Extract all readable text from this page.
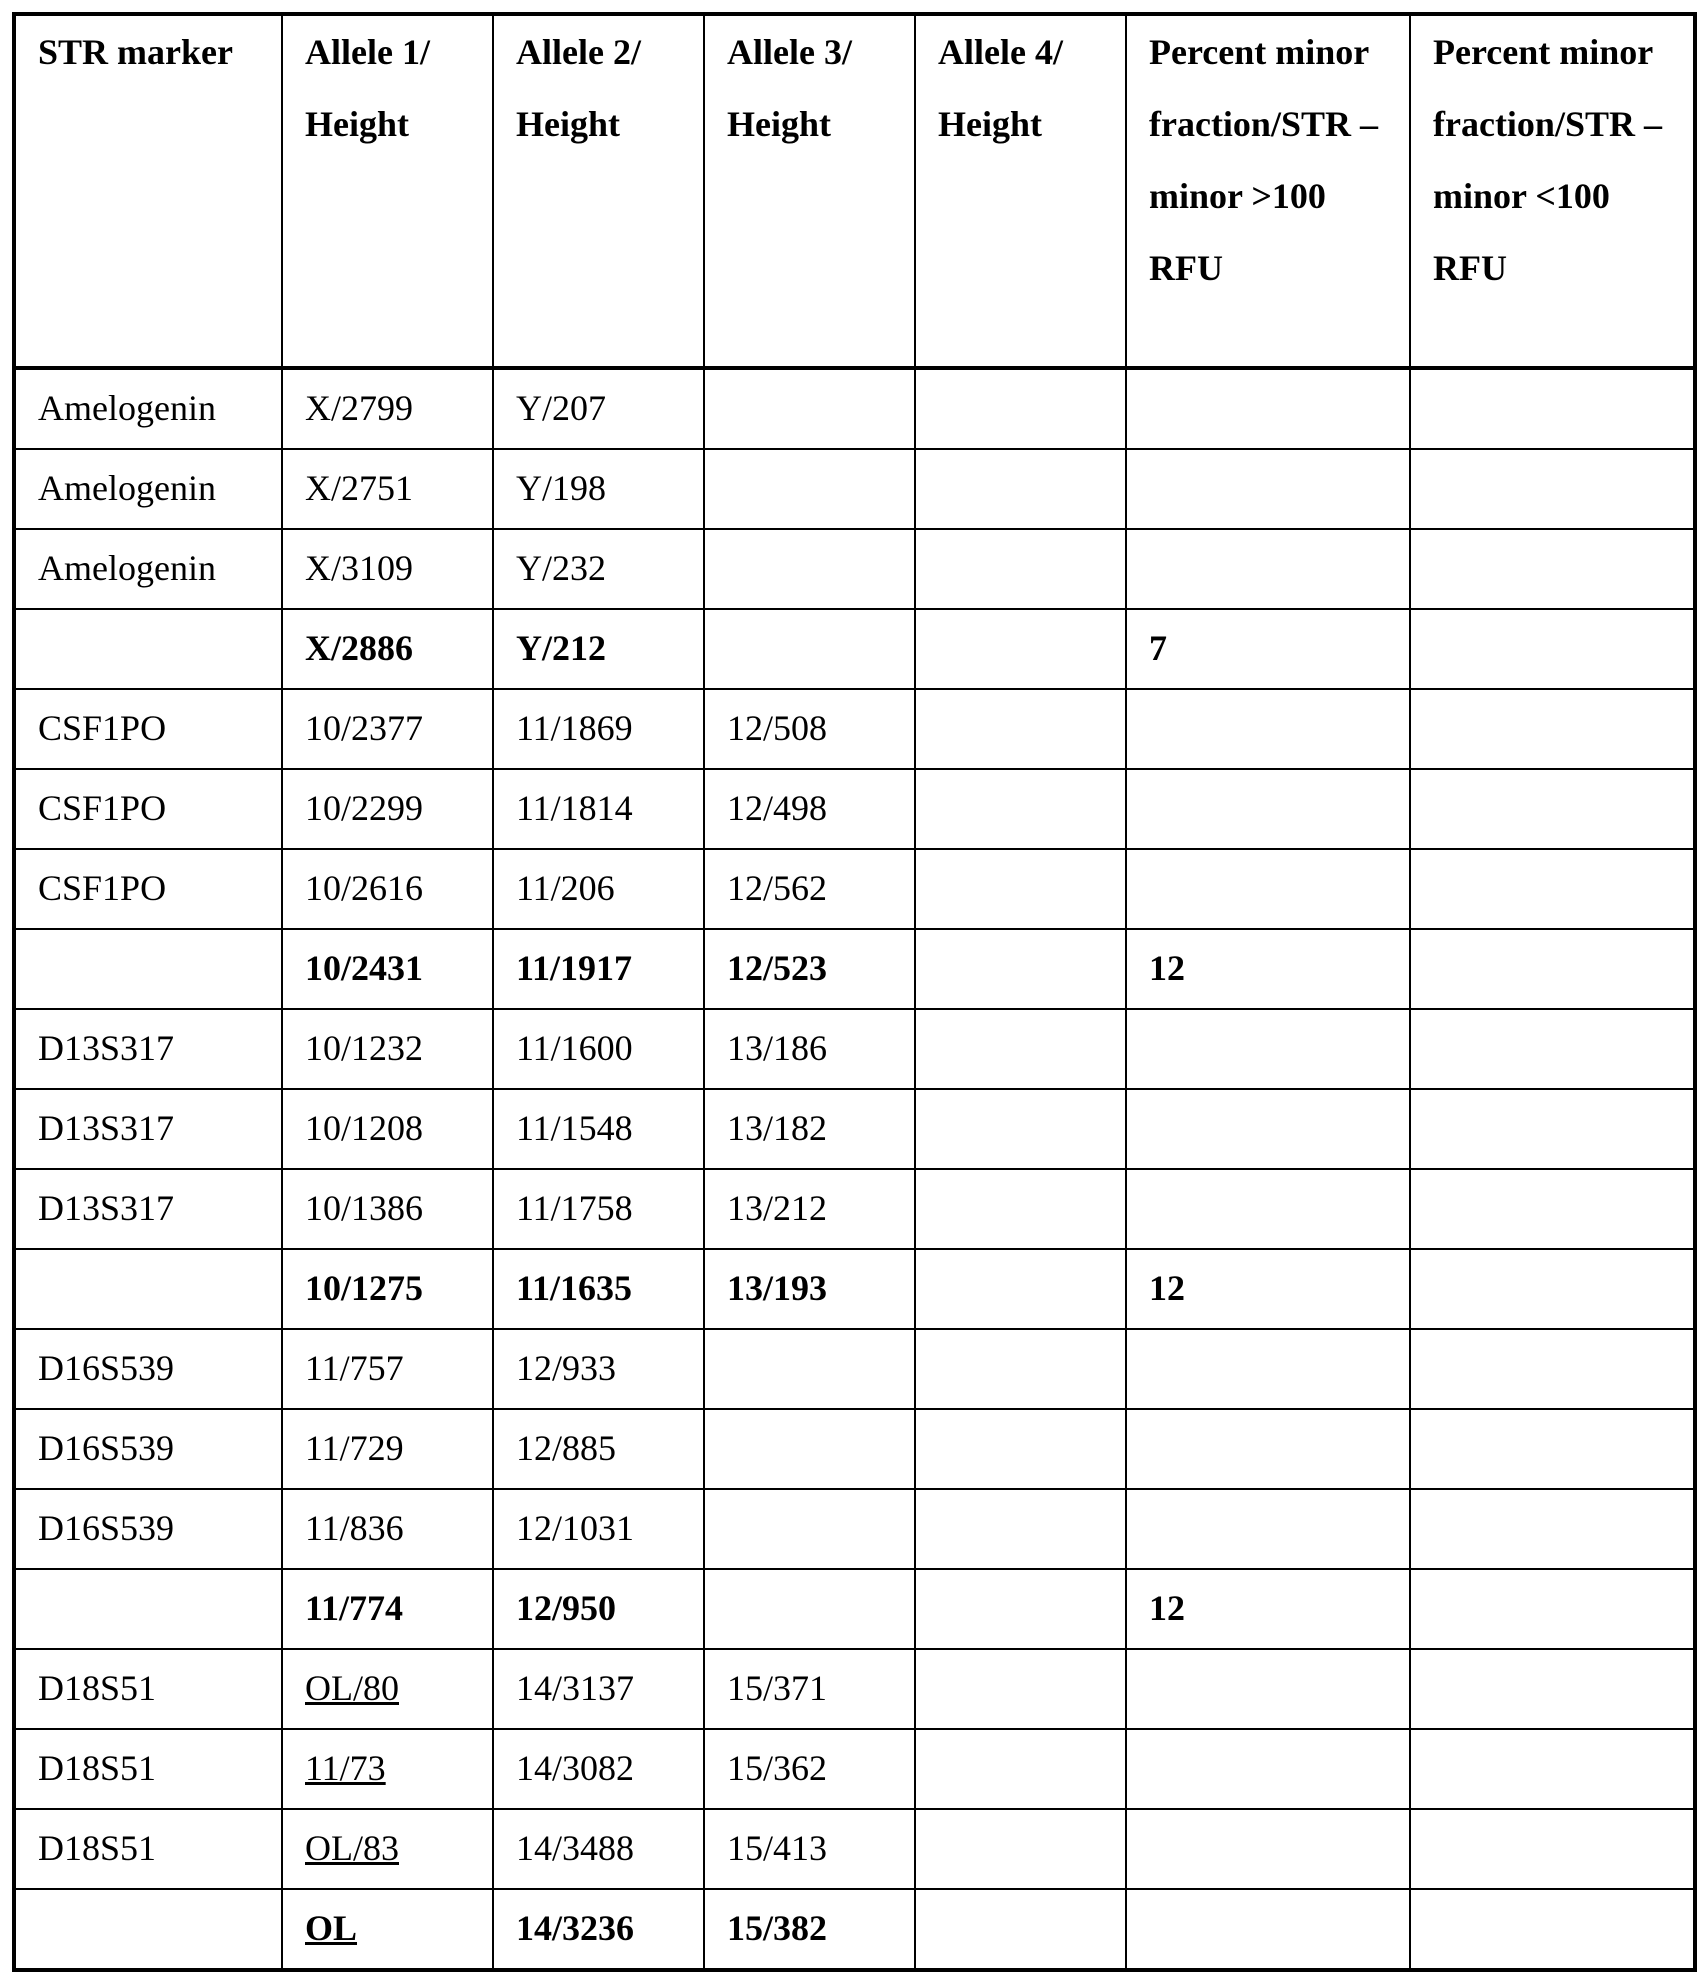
STR marker	Allele 1/ Height	Allele 2/ Height	Allele 3/ Height	Allele 4/ Height	Percent minor fraction/STR – minor >100 RFU	Percent minor fraction/STR – minor <100 RFU
Amelogenin	X/2799	Y/207				
Amelogenin	X/2751	Y/198				
Amelogenin	X/3109	Y/232				
	X/2886	Y/212			7	
CSF1PO	10/2377	11/1869	12/508			
CSF1PO	10/2299	11/1814	12/498			
CSF1PO	10/2616	11/206	12/562			
	10/2431	11/1917	12/523		12	
D13S317	10/1232	11/1600	13/186			
D13S317	10/1208	11/1548	13/182			
D13S317	10/1386	11/1758	13/212			
	10/1275	11/1635	13/193		12	
D16S539	11/757	12/933				
D16S539	11/729	12/885				
D16S539	11/836	12/1031				
	11/774	12/950			12	
D18S51	OL/80	14/3137	15/371			
D18S51	11/73	14/3082	15/362			
D18S51	OL/83	14/3488	15/413			
	OL	14/3236	15/382			
